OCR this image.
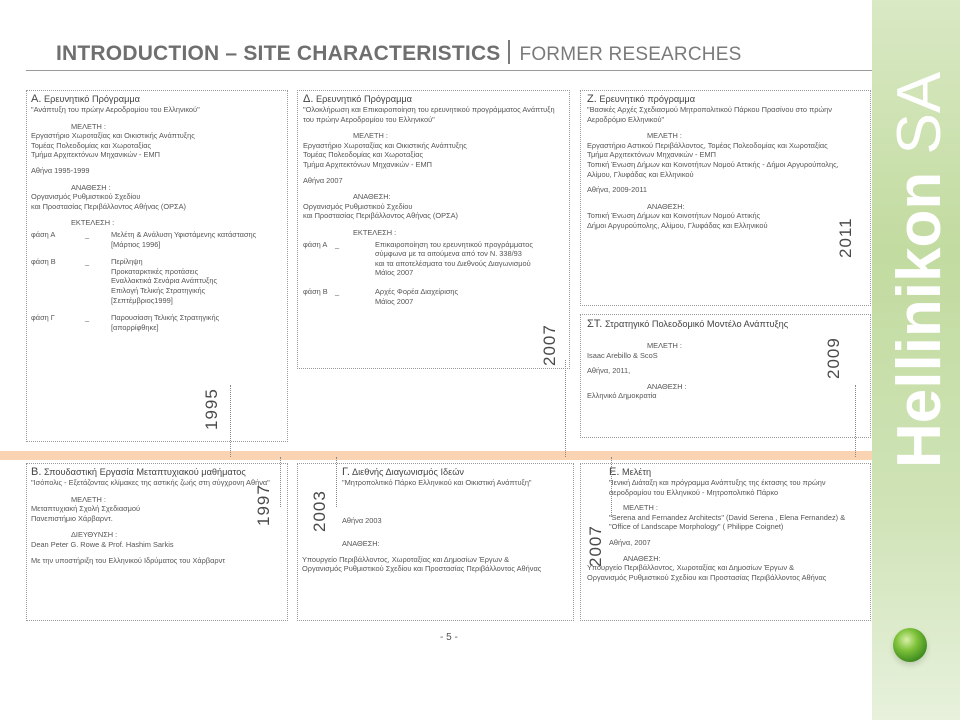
Hellinikon SA
INTRODUCTION – SITE CHARACTERISTICS FORMER RESEARCHES
A. Ερευνητικό Πρόγραμμα
"Ανάπτυξη του πρώην Αεροδρομίου του Ελληνικού"
ΜΕΛΕΤΗ :
Εργαστήριο Χωροταξίας και Οικιστικής Ανάπτυξης
Τομέας Πολεοδομίας και Χωροταξίας
Τμήμα Αρχιτεκτόνων Μηχανικών - ΕΜΠ
Αθήνα 1995-1999
ΑΝΑΘΕΣΗ :
Οργανισμός Ρυθμιστικού Σχεδίου
και Προστασίας Περιβάλλοντος Αθήνας (ΟΡΣΑ)
ΕΚΤΕΛΕΣΗ :
φάση Α	_	Μελέτη & Ανάλυση Υφιστάμενης κατάστασης
[Μάρτιος 1996]
φάση Β	_	Περίληψη
Προκαταρκτικές προτάσεις
Εναλλακτικά Σενάρια Ανάπτυξης
Επιλογή Τελικής Στρατηγικής
[Σεπτέμβριος1999]
φάση Γ	_	Παρουσίαση Τελικής Στρατηγικής
[απορρίφθηκε]
Δ. Ερευνητικό Πρόγραμμα
"Ολοκλήρωση και Επικαιροποίηση του ερευνητικού προγράμματος Ανάπτυξη του πρώην Αεροδρομίου του Ελληνικού"
ΜΕΛΕΤΗ :
Εργαστήριο Χωροταξίας και Οικιστικής Ανάπτυξης
Τομέας Πολεοδομίας και Χωροταξίας
Τμήμα Αρχιτεκτόνων Μηχανικών - ΕΜΠ
Αθήνα 2007
ΑΝΑΘΕΣΗ:
Οργανισμός Ρυθμιστικού Σχεδίου
και Προστασίας Περιβάλλοντος Αθήνας (ΟΡΣΑ)
ΕΚΤΕΛΕΣΗ :
φάση Α	_	Επικαιροποίηση του ερευνητικού προγράμματος
σύμφωνα με τα αιτούμενα από τον Ν. 338/93
και τα αποτελέσματα του Διεθνούς Διαγωνισμού
Μάϊος 2007
φάση Β _	Αρχές Φορέα Διαχείρισης
Μάϊος 2007
Ζ. Ερευνητικό πρόγραμμα
"Βασικές Αρχές Σχεδιασμού Μητροπολιτικού Πάρκου Πρασίνου στο πρώην Αεροδρόμιο Ελληνικού"
ΜΕΛΕΤΗ :
Εργαστήριο Αστικού Περιβάλλοντος, Τομέας Πολεοδομίας και Χωροταξίας
Τμήμα Αρχιτεκτόνων Μηχανικών - ΕΜΠ
Τοπική Ένωση Δήμων και Κοινοτήτων Νομού Αττικής - Δήμοι Αργυρούπολης, Αλίμου, Γλυφάδας και Ελληνικού
Αθήνα, 2009-2011
ΑΝΑΘΕΣΗ:
Τοπική Ένωση Δήμων και Κοινοτήτων Νομού Αττικής
Δήμοι Αργυρούπολης, Αλίμου, Γλυφάδας και Ελληνικού
ΣΤ. Στρατηγικό Πολεοδομικό Μοντέλο Ανάπτυξης
ΜΕΛΕΤΗ :
Isaac Arebillo & ScoS
Αθήνα, 2011,
ΑΝΑΘΕΣΗ :
Ελληνικό Δημοκρατία
Β. Σπουδαστική Εργασία Μεταπτυχιακού μαθήματος
"Ισόπολις - Εξετάζοντας κλίμακες της αστικής ζωής στη σύγχρονη Αθήνα"
ΜΕΛΕΤΗ :
Μεταπτυχιακή Σχολή Σχεδιασμού
Πανεπιστήμιο Χάρβαρντ.
ΔΙΕΥΘΥΝΣΗ :
Dean Peter G. Rowe & Prof. Hashim Sarkis
Με την υποστήριξη του Ελληνικού Ιδρύματος του Χάρβαρντ
Γ. Διεθνής Διαγωνισμός Ιδεών
"Μητροπολιτικό Πάρκο Ελληνικού και Οικιστική Ανάπτυξη"
Αθήνα 2003
ΑΝΑΘΕΣΗ:
Υπουργείο Περιβάλλοντος, Χωροταξίας και Δημοσίων Έργων &
Οργανισμός Ρυθμιστικού Σχεδίου και Προστασίας Περιβάλλοντος Αθήνας
Ε. Μελέτη
"Ιενική Διάταξη και πρόγραμμα Ανάπτυξης της έκτασης του πρώην αεροδρομίου του Ελληνικού - Μητροπολιτικό Πάρκο
ΜΕΛΕΤΗ :
"Serena and Fernandez Architects" (David Serena , Elena Fernandez) & "Office of Landscape Morphology" ( Philippe Coignet)
Αθήνα, 2007
ΑΝΑΘΕΣΗ:
Υπουργείο Περιβάλλοντος, Χωροταξίας και Δημοσίων Έργων &
Οργανισμός Ρυθμιστικού Σχεδίου και Προστασίας Περιβάλλοντος Αθήνας
1995
2007
2011
2009
1997 2003
2007
- 5 -
